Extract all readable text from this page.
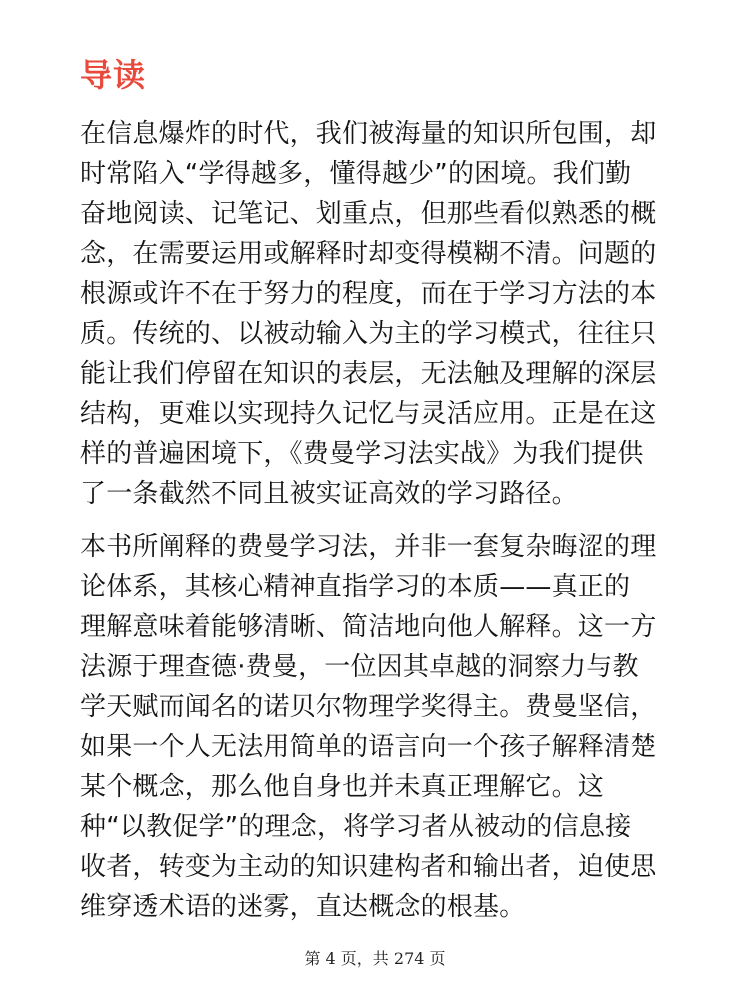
导读

在信息爆炸的时代，我们被海量的知识所包围，却
时常陷入“学得越多，懂得越少”的困境。我们勤
奋地阅读、记笔记、划重点，但那些看似熟悉的概
念，在需要运用或解释时却变得模糊不清。问题的
根源或许不在于努力的程度，而在于学习方法的本
质。传统的、以被动输入为主的学习模式，往往只
能让我们停留在知识的表层，无法触及理解的深层
结构，更难以实现持久记忆与灵活应用。正是在这
样的普遍困境下，《费曼学习法实战》为我们提供
了一条截然不同且被实证高效的学习路径。

本书所阐释的费曼学习法，并非一套复杂晦涩的理
论体系，其核心精神直指学习的本质——真正的
理解意味着能够清晰、简洁地向他人解释。这一方
法源于理查德·费曼，一位因其卓越的洞察力与教
学天赋而闻名的诺贝尔物理学奖得主。费曼坚信，
如果一个人无法用简单的语言向一个孩子解释清楚
某个概念，那么他自身也并未真正理解它。这
种“以教促学”的理念，将学习者从被动的信息接
收者，转变为主动的知识建构者和输出者，迫使思
维穿透术语的迷雾，直达概念的根基。

第 4 页，共 274 页
